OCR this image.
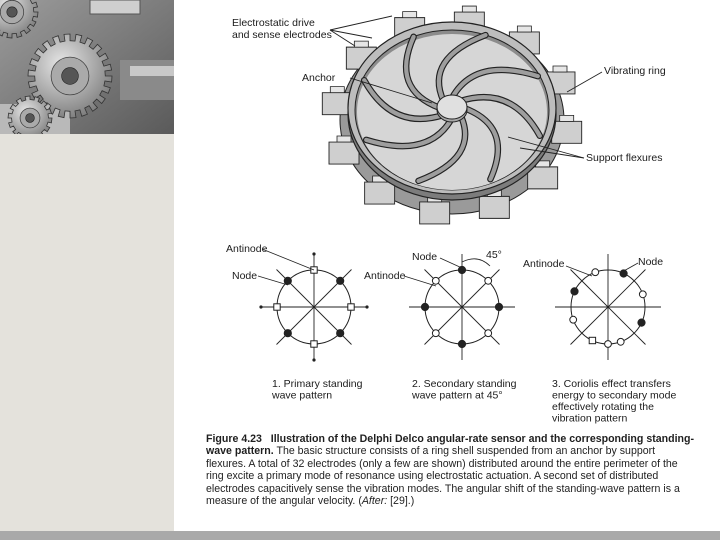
Electrostatic drive and sense electrodes
Anchor
Vibrating ring
Support flexures
Antinode
Node
Node	45°
Antinode
Antinode	Node
1. Primary standing wave pattern
2. Secondary standing wave pattern at 45°
3. Coriolis effect transfers energy to secondary mode effectively rotating the vibration pattern
Figure 4.23 Illustration of the Delphi Delco angular-rate sensor and the corresponding standing-wave pattern. The basic structure consists of a ring shell suspended from an anchor by support flexures. A total of 32 electrodes (only a few are shown) distributed around the entire perimeter of the ring excite a primary mode of resonance using electrostatic actuation. A second set of distributed electrodes capacitively sense the vibration modes. The angular shift of the standing-wave pattern is a measure of the angular velocity. (After: [29].)
